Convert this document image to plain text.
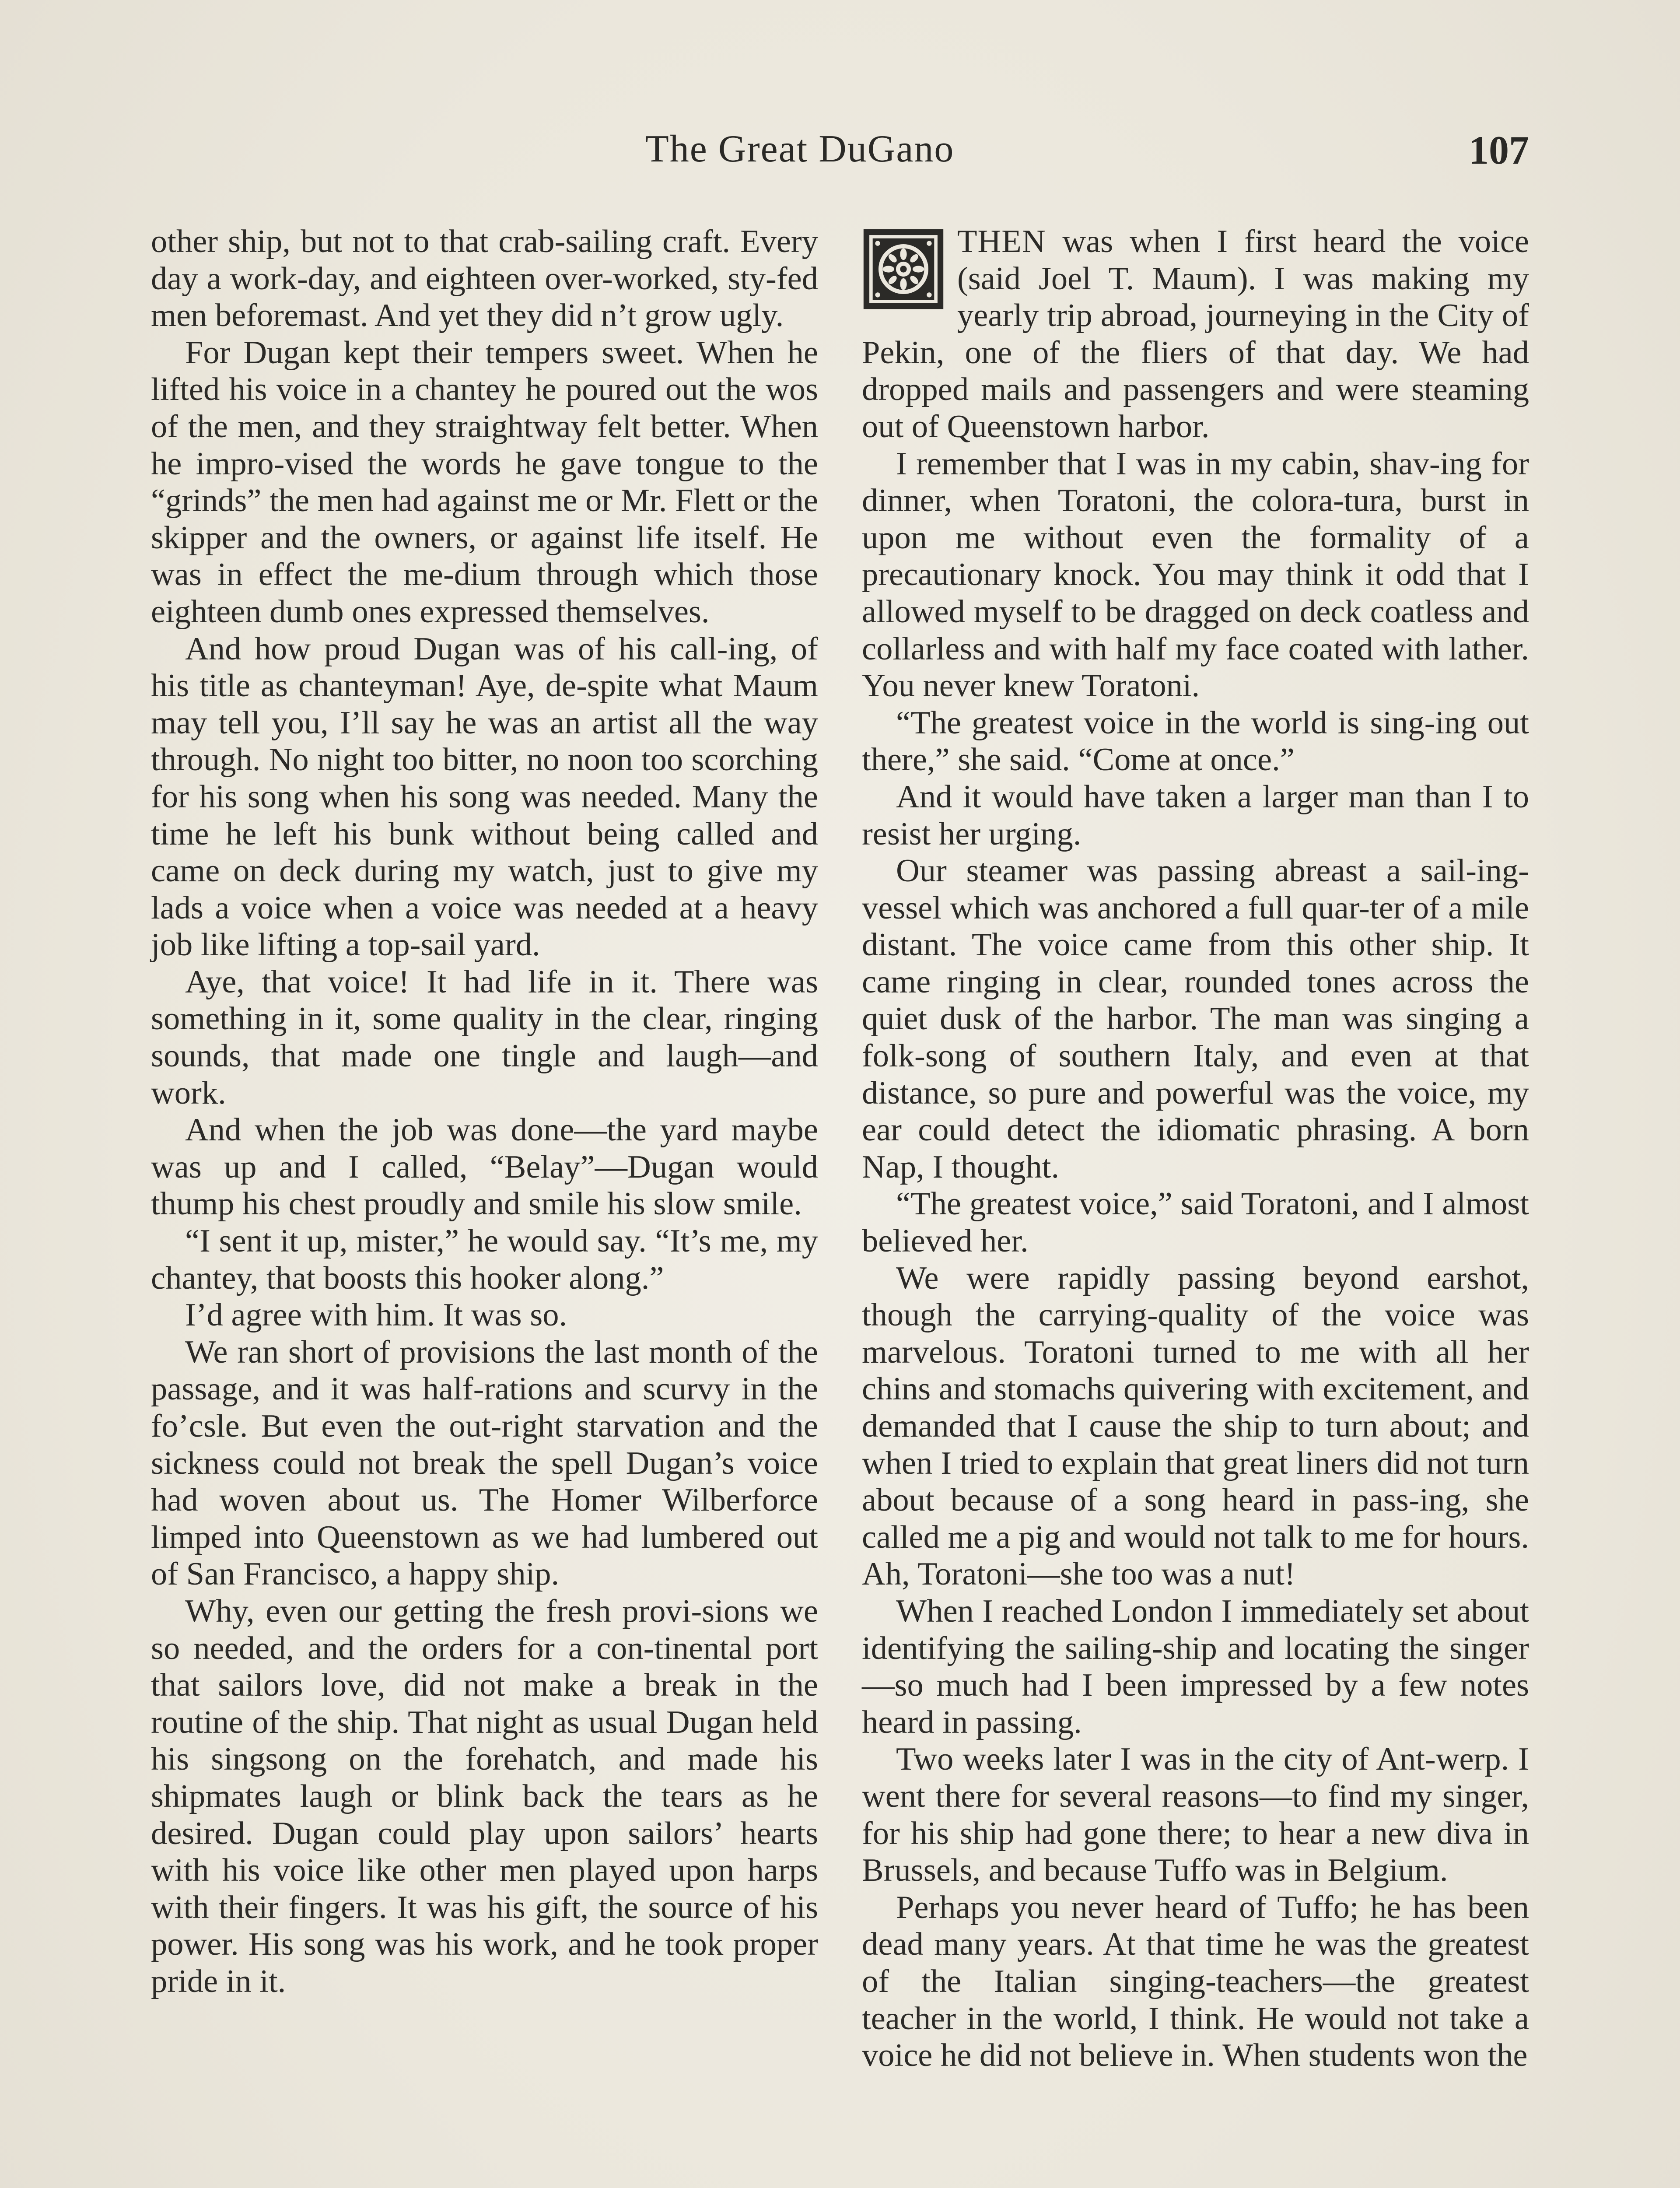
The Great DuGano	107

other ship, but not to that crab-sailing craft. Every day a work-day, and eighteen over-worked, sty-fed men beforemast. And yet they did n’t grow ugly.

For Dugan kept their tempers sweet. When he lifted his voice in a chantey he poured out the wos of the men, and they straightway felt better. When he impro-vised the words he gave tongue to the “grinds” the men had against me or Mr. Flett or the skipper and the owners, or against life itself. He was in effect the me-dium through which those eighteen dumb ones expressed themselves.

And how proud Dugan was of his call-ing, of his title as chanteyman! Aye, de-spite what Maum may tell you, I’ll say he was an artist all the way through. No night too bitter, no noon too scorching for his song when his song was needed. Many the time he left his bunk without being called and came on deck during my watch, just to give my lads a voice when a voice was needed at a heavy job like lifting a top-sail yard.

Aye, that voice! It had life in it. There was something in it, some quality in the clear, ringing sounds, that made one tingle and laugh—and work.

And when the job was done—the yard maybe was up and I called, “Belay”—Dugan would thump his chest proudly and smile his slow smile.

“I sent it up, mister,” he would say. “It’s me, my chantey, that boosts this hooker along.”

I’d agree with him. It was so.

We ran short of provisions the last month of the passage, and it was half-rations and scurvy in the fo’csle. But even the out-right starvation and the sickness could not break the spell Dugan’s voice had woven about us. The Homer Wilberforce limped into Queenstown as we had lumbered out of San Francisco, a happy ship.

Why, even our getting the fresh provi-sions we so needed, and the orders for a con-tinental port that sailors love, did not make a break in the routine of the ship. That night as usual Dugan held his singsong on the forehatch, and made his shipmates laugh or blink back the tears as he desired. Dugan could play upon sailors’ hearts with his voice like other men played upon harps with their fingers. It was his gift, the source of his power. His song was his work, and he took proper pride in it.

THEN was when I first heard the voice (said Joel T. Maum). I was making my yearly trip abroad, journeying in the City of Pekin, one of the fliers of that day. We had dropped mails and passengers and were steaming out of Queenstown harbor.

I remember that I was in my cabin, shav-ing for dinner, when Toratoni, the colora-tura, burst in upon me without even the formality of a precautionary knock. You may think it odd that I allowed myself to be dragged on deck coatless and collarless and with half my face coated with lather. You never knew Toratoni.

“The greatest voice in the world is sing-ing out there,” she said. “Come at once.”

And it would have taken a larger man than I to resist her urging.

Our steamer was passing abreast a sail-ing-vessel which was anchored a full quar-ter of a mile distant. The voice came from this other ship. It came ringing in clear, rounded tones across the quiet dusk of the harbor. The man was singing a folk-song of southern Italy, and even at that distance, so pure and powerful was the voice, my ear could detect the idiomatic phrasing. A born Nap, I thought.

“The greatest voice,” said Toratoni, and I almost believed her.

We were rapidly passing beyond earshot, though the carrying-quality of the voice was marvelous. Toratoni turned to me with all her chins and stomachs quivering with excitement, and demanded that I cause the ship to turn about; and when I tried to explain that great liners did not turn about because of a song heard in pass-ing, she called me a pig and would not talk to me for hours. Ah, Toratoni—she too was a nut!

When I reached London I immediately set about identifying the sailing-ship and locating the singer—so much had I been impressed by a few notes heard in passing.

Two weeks later I was in the city of Ant-werp. I went there for several reasons—to find my singer, for his ship had gone there; to hear a new diva in Brussels, and because Tuffo was in Belgium.

Perhaps you never heard of Tuffo; he has been dead many years. At that time he was the greatest of the Italian singing-teachers—the greatest teacher in the world, I think. He would not take a voice he did not believe in. When students won the
